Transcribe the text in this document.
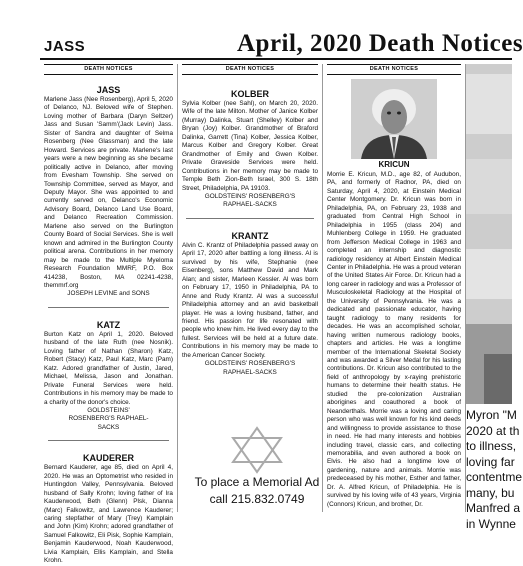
JASS	April, 2020 Death Notices
DEATH NOTICES
JASS
Marlene Jass (Nee Rosenberg), April 5, 2020 of Delanco, NJ. Beloved wife of Stephen. Loving mother of Barbara (Daryn Seltzer) Jass and Susan 'Samm'(Jack Levin) Jass. Sister of Sandra and daughter of Selma Rosenberg (Nee Glassman) and the late Howard. Services are private. Marlene's last years were a new beginning as she became politically active in Delanco, after moving from Evesham Township. She served on Township Committee, served as Mayor, and Deputy Mayor. She was appointed to and currently served on, Delanco's Economic Advisory Board, Delanco Land Use Board, and Delanco Recreation Commission. Marlene also served on the Burlington County Board of Social Services. She is well known and admired in the Burlington County political arena. Contributions in her memory may be made to the Multiple Myeloma Research Foundation MMRF, P.O. Box 414238, Boston, MA 02241-4238, themmrf.org
JOSEPH LEVINE and SONS
KATZ
Burton Katz on April 1, 2020. Beloved husband of the late Ruth (nee Nosnik). Loving father of Nathan (Sharon) Katz, Robert (Stacy) Katz, Paul Katz, Marc (Pam) Katz. Adored grandfather of Justin, Jared, Michael, Melissa, Jason and Jonathan. Private Funeral Services were held. Contributions in his memory may be made to a charity of the donor's choice.
GOLDSTEINS' ROSENBERG'S RAPHAEL-SACKS
KAUDERER
Bernard Kauderer, age 85, died on April 4, 2020. He was an Optometrist who resided in Huntingdon Valley, Pennsylvania. Beloved husband of Sally Krohn; loving father of Ira Kauderwood, Beth (Glenn) Plsk, Dianna (Marc) Falkowitz, and Lawrence Kauderer; caring stepfather of Mary (Trey) Kamplain and John (Kim) Krohn; adored grandfather of Samuel Falkowitz, Eli Pisk, Sophie Kamplain, Benjamin Kauderwood, Noah Kauderwood, Livia Kamplain, Ellis Kamplain, and Stella Krohn.
DEATH NOTICES
KOLBER
Sylvia Kolber (nee Sahl), on March 20, 2020. Wife of the late Milton. Mother of Janice Kolber (Murray) Dalinka, Stuart (Shelley) Kolber and Bryan (Joy) Kolber. Grandmother of Braford Dalinka, Garrett (Tina) Kolber, Jessica Kolber, Marcus Kolber and Gregory Kolber. Great Grandmother of Emily and Gwen Kolber. Private Graveside Services were held. Contributions in her memory may be made to Temple Beth Zion-Beth Israel, 300 S. 18th Street, Philadelphia, PA 19103.
GOLDSTEINS' ROSENBERG'S RAPHAEL-SACKS
KRANTZ
Alvin C. Krantz of Philadelphia passed away on April 17, 2020 after battling a long illness. Al is survived by his wife, Stephanie (nee Eisenberg), sons Matthew David and Mark Alan; and sister, Marleen Kessler. Al was born on February 17, 1950 in Philadelphia, PA to Anne and Rudy Krantz. Al was a successful Philadelphia attorney and an avid basketball player. He was a loving husband, father, and friend. His passion for life resonated with people who knew him. He lived every day to the fullest. Services will be held at a future date. Contributions in his memory may be made to the American Cancer Society.
GOLDSTEINS' ROSENBERG'S RAPHAEL-SACKS
To place a Memorial Ad
call 215.832.0749
DEATH NOTICES
KRICUN
Morrie E. Kricun, M.D., age 82, of Audubon, PA, and formerly of Radnor, PA, died on Saturday, April 4, 2020, at Einstein Medical Center Montgomery. Dr. Kricun was born in Philadelphia, PA, on February 23, 1938 and graduated from Central High School in Philadelphia in 1955 (class 204) and Muhlenberg College in 1959. He graduated from Jefferson Medical College in 1963 and completed an internship and diagnostic radiology residency at Albert Einstein Medical Center in Philadelphia. He was a proud veteran of the United States Air Force. Dr. Kricun had a long career in radiology and was a Professor of Musculoskeletal Radiology at the Hospital of the University of Pennsylvania. He was a dedicated and passionate educator, having taught radiology to many residents for decades. He was an accomplished scholar, having written numerous radiology books, chapters and articles. He was a longtime member of the International Skeletal Society and was awarded a Silver Medal for his lasting contributions. Dr. Kricun also contributed to the field of anthropology by x-raying prehistoric humans to determine their health status. He studied the pre-colonization Australian aborigines and coauthored a book of Neanderthals. Morrie was a loving and caring person who was well known for his kind deeds and willingness to provide assistance to those in need. He had many interests and hobbies including travel, classic cars, and collecting memorabilia, and even authored a book on Elvis. He also had a longtime love of gardening, nature and animals. Morrie was predeceased by his mother, Esther and father, Dr. A. Alfred Kricun, of Philadelphia. He is survived by his loving wife of 43 years, Virginia (Connors) Kricun, and brother, Dr.
Myron "M
2020 at th
to illness,
loving far
contentme
many, bu
Manfred a
in Wynne
